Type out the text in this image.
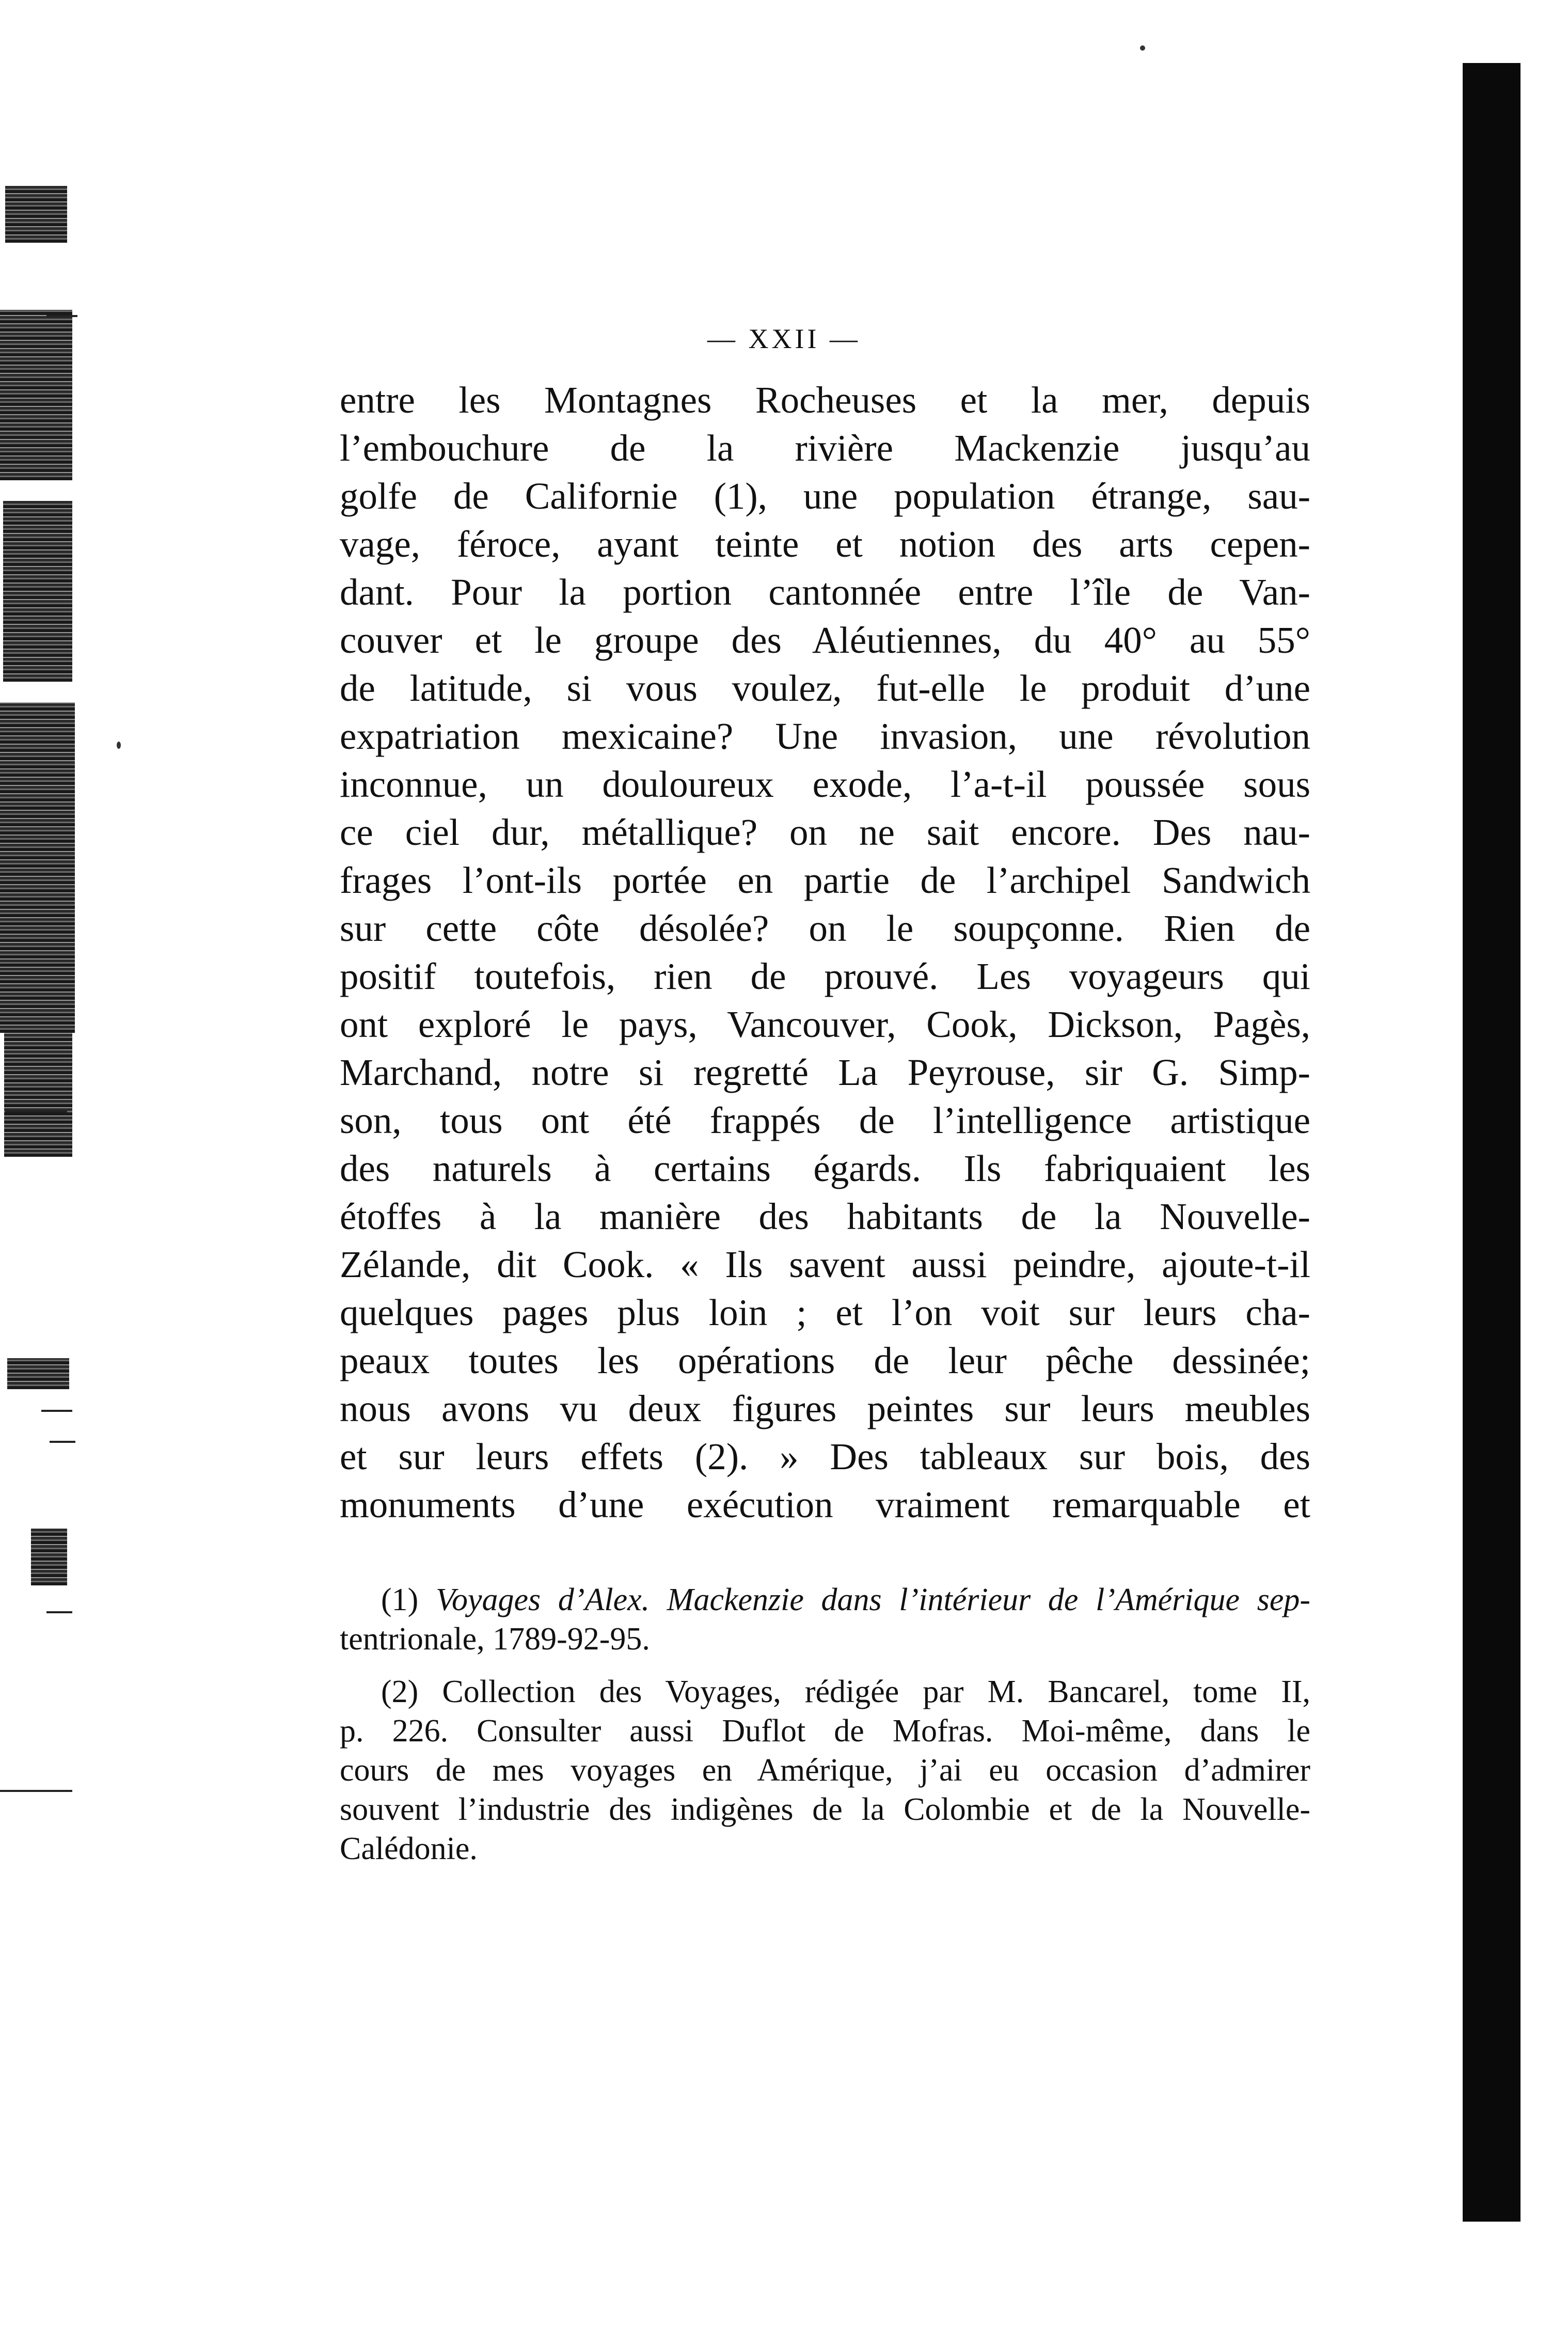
— XXII —
entre les Montagnes Rocheuses et la mer, depuis
l’embouchure de la rivière Mackenzie jusqu’au
golfe de Californie (1), une population étrange, sau-
vage, féroce, ayant teinte et notion des arts cepen-
dant. Pour la portion cantonnée entre l’île de Van-
couver et le groupe des Aléutiennes, du 40° au 55°
de latitude, si vous voulez, fut-elle le produit d’une
expatriation mexicaine? Une invasion, une révolution
inconnue, un douloureux exode, l’a-t-il poussée sous
ce ciel dur, métallique? on ne sait encore. Des nau-
frages l’ont-ils portée en partie de l’archipel Sandwich
sur cette côte désolée? on le soupçonne. Rien de
positif toutefois, rien de prouvé. Les voyageurs qui
ont exploré le pays, Vancouver, Cook, Dickson, Pagès,
Marchand, notre si regretté La Peyrouse, sir G. Simp-
son, tous ont été frappés de l’intelligence artistique
des naturels à certains égards. Ils fabriquaient les
étoffes à la manière des habitants de la Nouvelle-
Zélande, dit Cook. « Ils savent aussi peindre, ajoute-t-il
quelques pages plus loin ; et l’on voit sur leurs cha-
peaux toutes les opérations de leur pêche dessinée;
nous avons vu deux figures peintes sur leurs meubles
et sur leurs effets (2). » Des tableaux sur bois, des
monuments d’une exécution vraiment remarquable et
(1) Voyages d’Alex. Mackenzie dans l’intérieur de l’Amérique sep-
tentrionale, 1789-92-95.
(2) Collection des Voyages, rédigée par M. Bancarel, tome II,
p. 226. Consulter aussi Duflot de Mofras. Moi-même, dans le
cours de mes voyages en Amérique, j’ai eu occasion d’admirer
souvent l’industrie des indigènes de la Colombie et de la Nouvelle-
Calédonie.
